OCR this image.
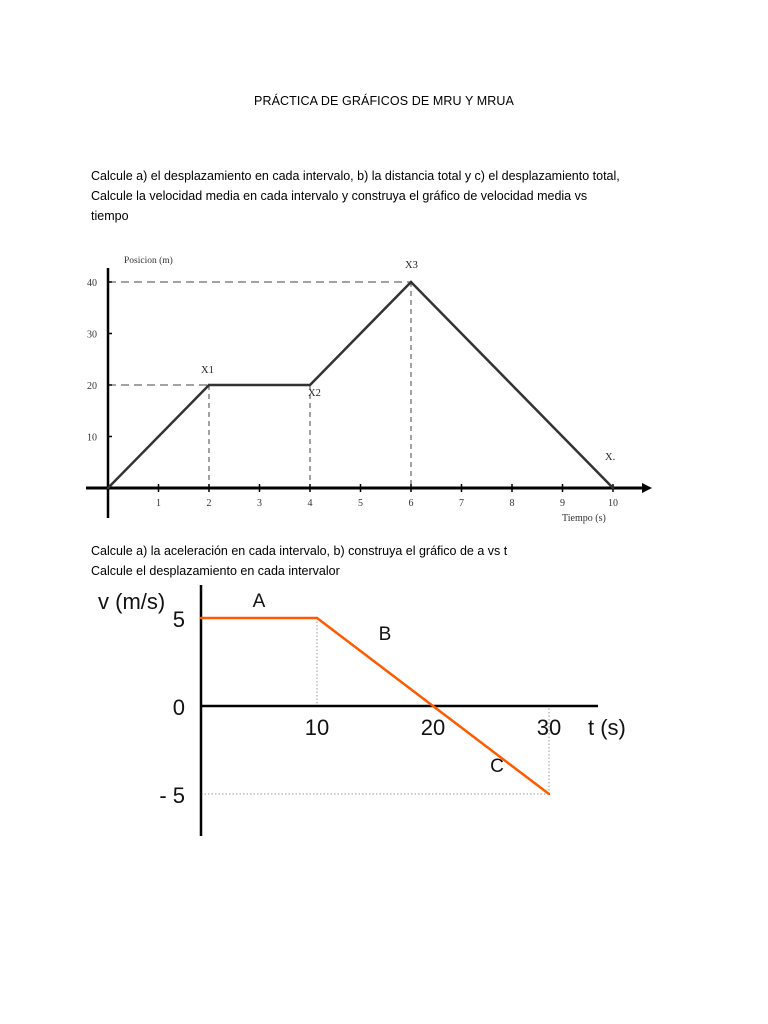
PRÁCTICA DE GRÁFICOS DE MRU Y MRUA
Calcule a) el desplazamiento en cada intervalo, b) la distancia total y c) el desplazamiento total,
Calcule la velocidad media en cada intervalo y construya el gráfico de velocidad media vs
tiempo
1	2	3	4	5	6	7	8	9	10
10
20
30
40
X1
X2
X3
X.
Posicion (m)
Tiempo (s)
Calcule a) la aceleración en cada intervalo, b) construya el gráfico de a vs t
Calcule el desplazamiento en cada intervalor
10	20	30
5
0
- 5
A
B
C
v (m/s)
t (s)
